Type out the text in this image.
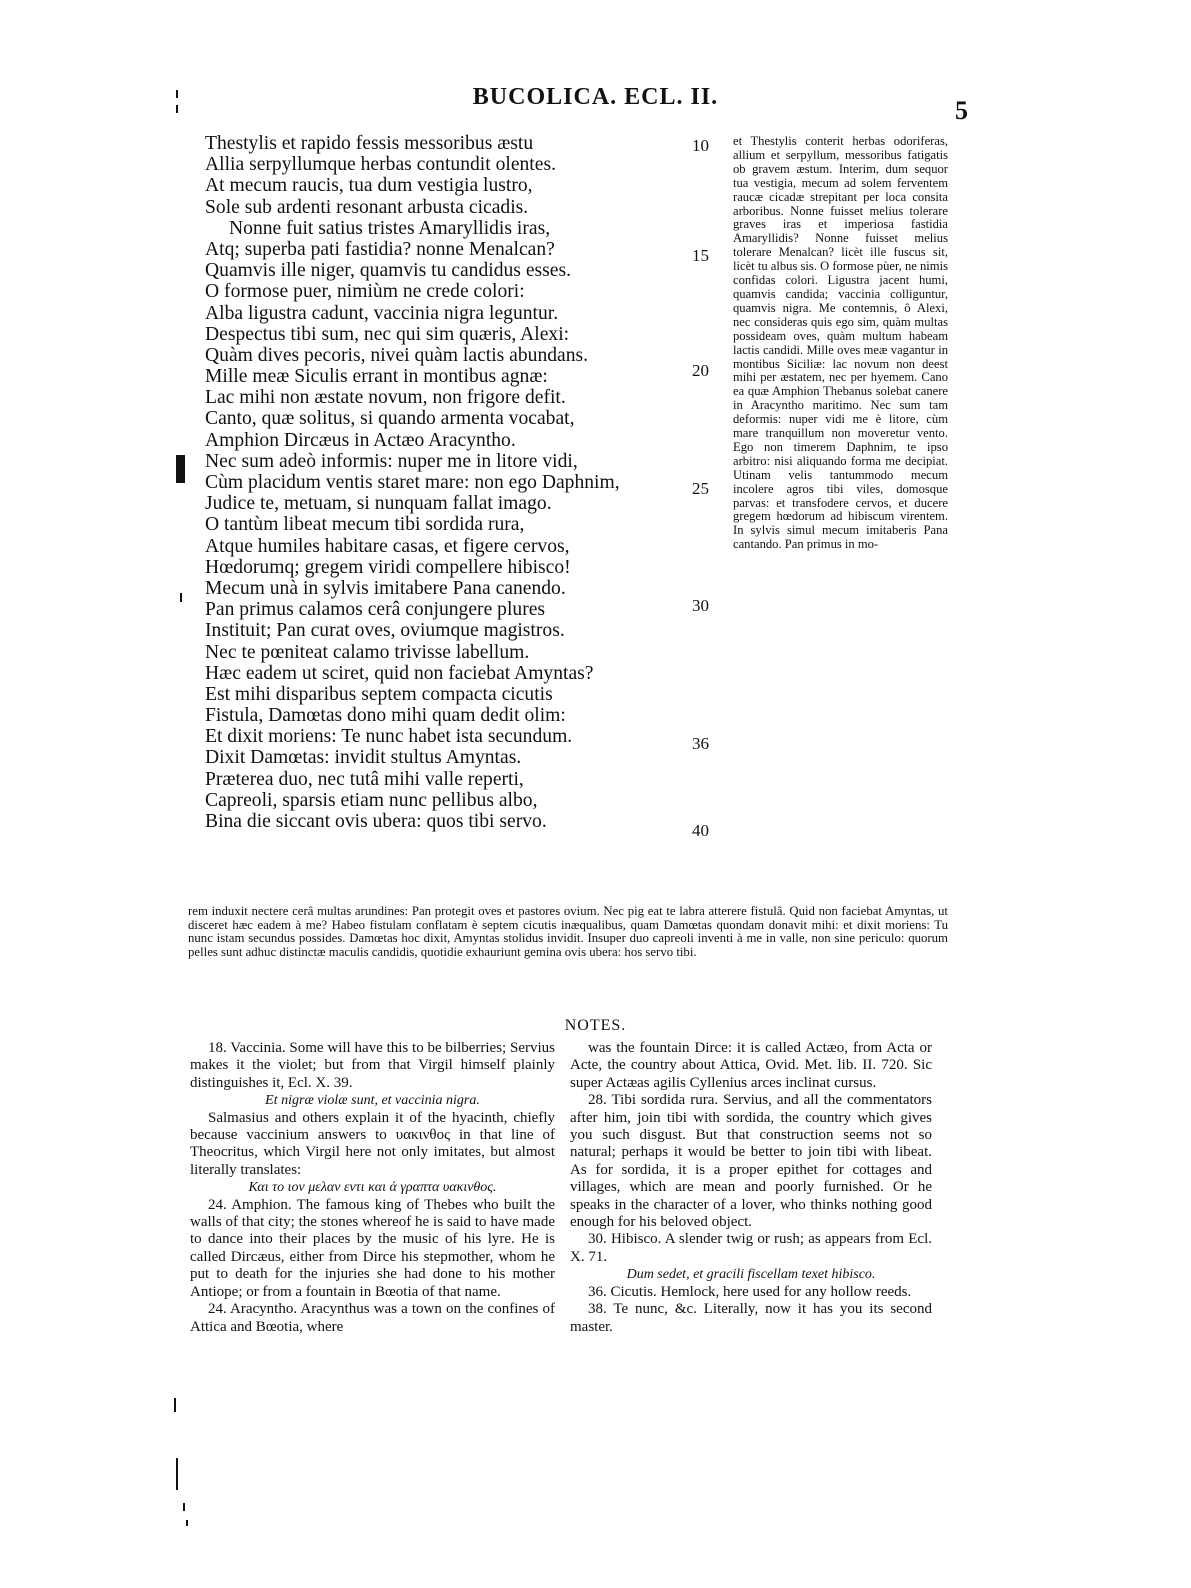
BUCOLICA. ECL. II.	5
Thestylis et rapido fessis messoribus æstu
Allia serpyllumque herbas contundit olentes.
At mecum raucis, tua dum vestigia lustro,
Sole sub ardenti resonant arbusta cicadis.
Nonne fuit satius tristes Amaryllidis iras,
Atq; superba pati fastidia? nonne Menalcan?
Quamvis ille niger, quamvis tu candidus esses.
O formose puer, nimiùm ne crede colori:
Alba ligustra cadunt, vaccinia nigra leguntur.
Despectus tibi sum, nec qui sim quæris, Alexi:
Quàm dives pecoris, nivei quàm lactis abundans.
Mille meæ Siculis errant in montibus agnæ:
Lac mihi non æstate novum, non frigore defit.
Canto, quæ solitus, si quando armenta vocabat,
Amphion Dircæus in Actæo Aracyntho.
Nec sum adeò informis: nuper me in litore vidi,
Cùm placidum ventis staret mare: non ego Daphnim,
Judice te, metuam, si nunquam fallat imago.
O tantùm libeat mecum tibi sordida rura,
Atque humiles habitare casas, et figere cervos,
Hœdorumq; gregem viridi compellere hibisco!
Mecum unà in sylvis imitabere Pana canendo.
Pan primus calamos cerâ conjungere plures
Instituit; Pan curat oves, oviumque magistros.
Nec te pœniteat calamo trivisse labellum.
Hæc eadem ut sciret, quid non faciebat Amyntas?
Est mihi disparibus septem compacta cicutis
Fistula, Damœtas dono mihi quam dedit olim:
Et dixit moriens: Te nunc habet ista secundum.
Dixit Damœtas: invidit stultus Amyntas.
Præterea duo, nec tutâ mihi valle reperti,
Capreoli, sparsis etiam nunc pellibus albo,
Bina die siccant ovis ubera: quos tibi servo.
10
15
20
25
30
36
40
et Thestylis conterit herbas odoriferas, allium et serpyllum, messoribus fatigatis ob gravem æstum. Interim, dum sequor tua vestigia, mecum ad solem ferventem raucæ cicadæ strepitant per loca consita arboribus. Nonne fuisset melius tolerare graves iras et imperiosa fastidia Amaryllidis? Nonne fuisset melius tolerare Menalcan? licèt ille fuscus sit, licèt tu albus sis. O formose pùer, ne nimis confidas colori. Ligustra jacent humi, quamvis candida; vaccinia colliguntur, quamvis nigra. Me contemnis, ô Alexi, nec consideras quis ego sim, quàm multas possideam oves, quàm multum habeam lactis candidi. Mille oves meæ vagantur in montibus Siciliæ: lac novum non deest mihi per æstatem, nec per hyemem. Cano ea quæ Amphion Thebanus solebat canere in Aracyntho maritimo. Nec sum tam deformis: nuper vidi me è litore, cùm mare tranquillum non moveretur vento. Ego non timerem Daphnim, te ipso arbitro: nisi aliquando forma me decipiat. Utinam velis tantummodo mecum incolere agros tibi viles, domosque parvas: et transfodere cervos, et ducere gregem hœdorum ad hibiscum virentem. In sylvis simul mecum imitaberis Pana cantando. Pan primus in mo-
rem induxit nectere cerâ multas arundines: Pan protegit oves et pastores ovium. Nec pig eat te labra atterere fistulâ. Quid non faciebat Amyntas, ut disceret hæc eadem à me? Habeo fistulam conflatam è septem cicutis inæqualibus, quam Damœtas quondam donavit mihi: et dixit moriens: Tu nunc istam secundus possides. Damœtas hoc dixit, Amyntas stolidus invidit. Insuper duo capreoli inventi à me in valle, non sine periculo: quorum pelles sunt adhuc distinctæ maculis candidis, quotidie exhauriunt gemina ovis ubera: hos servo tibi.
NOTES.

18. Vaccinia. Some will have this to be bilberries; Servius makes it the violet; but from that Virgil himself plainly distinguishes it, Ecl. X. 39.

Et nigræ violæ sunt, et vaccinia nigra.

Salmasius and others explain it of the hyacinth, chiefly because vaccinium answers to υακινθος in that line of Theocritus, which Virgil here not only imitates, but almost literally translates:

Και το ιον μελαν εντι και ά γραπτα υακινθος.

24. Amphion. The famous king of Thebes who built the walls of that city; the stones whereof he is said to have made to dance into their places by the music of his lyre. He is called Dircæus, either from Dirce his stepmother, whom he put to death for the injuries she had done to his mother Antiope; or from a fountain in Bœotia of that name.

24. Aracyntho. Aracynthus was a town on the confines of Attica and Bœotia, where

was the fountain Dirce: it is called Actæo, from Acta or Acte, the country about Attica, Ovid. Met. lib. II. 720. Sic super Actæas agilis Cyllenius arces inclinat cursus.

28. Tibi sordida rura. Servius, and all the commentators after him, join tibi with sordida, the country which gives you such disgust. But that construction seems not so natural; perhaps it would be better to join tibi with libeat. As for sordida, it is a proper epithet for cottages and villages, which are mean and poorly furnished. Or he speaks in the character of a lover, who thinks nothing good enough for his beloved object.

30. Hibisco. A slender twig or rush; as appears from Ecl. X. 71.

Dum sedet, et gracili fiscellam texet hibisco.

36. Cicutis. Hemlock, here used for any hollow reeds.

38. Te nunc, &c. Literally, now it has you its second master.
